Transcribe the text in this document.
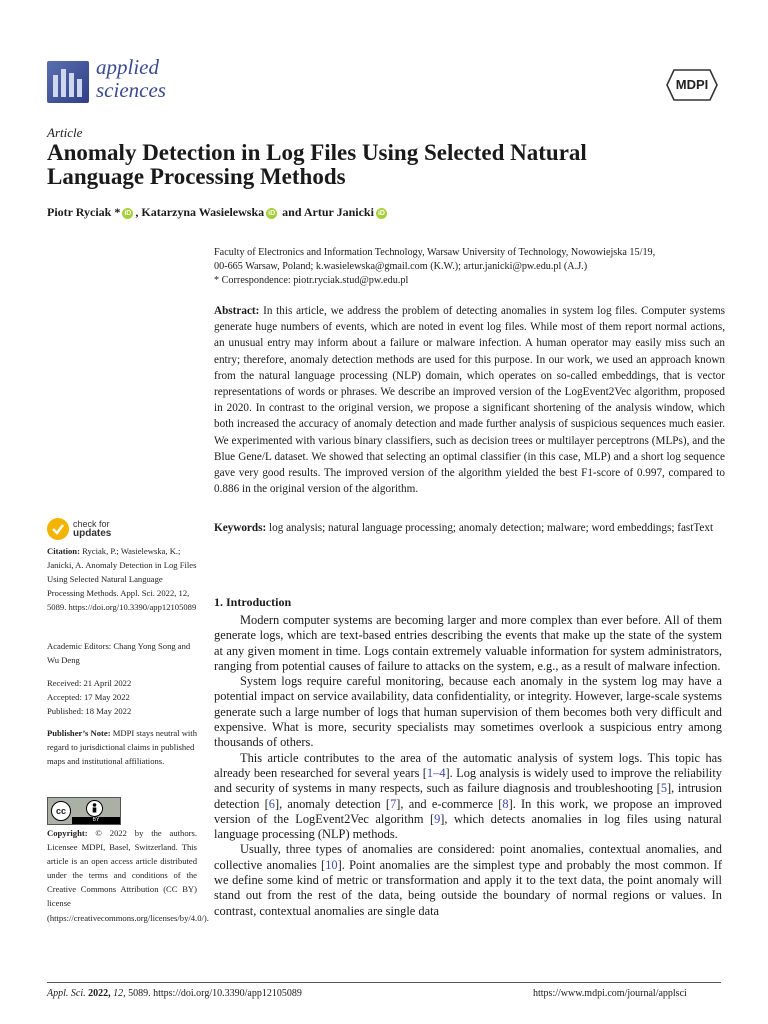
applied
sciences	MDPI
Article
Anomaly Detection in Log Files Using Selected Natural Language Processing Methods
Piotr Ryciak * iD , Katarzyna Wasielewska iD and Artur Janicki iD
Faculty of Electronics and Information Technology, Warsaw University of Technology, Nowowiejska 15/19,
00-665 Warsaw, Poland; k.wasielewska@gmail.com (K.W.); artur.janicki@pw.edu.pl (A.J.)
* Correspondence: piotr.ryciak.stud@pw.edu.pl
Abstract: In this article, we address the problem of detecting anomalies in system log files. Computer systems generate huge numbers of events, which are noted in event log files. While most of them report normal actions, an unusual entry may inform about a failure or malware infection. A human operator may easily miss such an entry; therefore, anomaly detection methods are used for this purpose. In our work, we used an approach known from the natural language processing (NLP) domain, which operates on so-called embeddings, that is vector representations of words or phrases. We describe an improved version of the LogEvent2Vec algorithm, proposed in 2020. In contrast to the original version, we propose a significant shortening of the analysis window, which both increased the accuracy of anomaly detection and made further analysis of suspicious sequences much easier. We experimented with various binary classifiers, such as decision trees or multilayer perceptrons (MLPs), and the Blue Gene/L dataset. We showed that selecting an optimal classifier (in this case, MLP) and a short log sequence gave very good results. The improved version of the algorithm yielded the best F1-score of 0.997, compared to 0.886 in the original version of the algorithm.
Keywords: log analysis; natural language processing; anomaly detection; malware; word embeddings; fastText
check for
updates
Citation: Ryciak, P.; Wasielewska, K.; Janicki, A. Anomaly Detection in Log Files Using Selected Natural Language Processing Methods. Appl. Sci. 2022, 12, 5089. https://doi.org/10.3390/app12105089
Academic Editors: Chang Yong Song and Wu Deng
Received: 21 April 2022
Accepted: 17 May 2022
Published: 18 May 2022
Publisher’s Note: MDPI stays neutral with regard to jurisdictional claims in published maps and institutional affiliations.
cc
BY
Copyright: © 2022 by the authors. Licensee MDPI, Basel, Switzerland. This article is an open access article distributed under the terms and conditions of the Creative Commons Attribution (CC BY) license (https://creativecommons.org/licenses/by/4.0/).
1. Introduction

Modern computer systems are becoming larger and more complex than ever before. All of them generate logs, which are text-based entries describing the events that make up the state of the system at any given moment in time. Logs contain extremely valuable information for system administrators, ranging from potential causes of failure to attacks on the system, e.g., as a result of malware infection.

System logs require careful monitoring, because each anomaly in the system log may have a potential impact on service availability, data confidentiality, or integrity. However, large-scale systems generate such a large number of logs that human supervision of them becomes both very difficult and expensive. What is more, security specialists may sometimes overlook a suspicious entry among thousands of others.

This article contributes to the area of the automatic analysis of system logs. This topic has already been researched for several years [1–4]. Log analysis is widely used to improve the reliability and security of systems in many respects, such as failure diagnosis and troubleshooting [5], intrusion detection [6], anomaly detection [7], and e-commerce [8]. In this work, we propose an improved version of the LogEvent2Vec algorithm [9], which detects anomalies in log files using natural language processing (NLP) methods.

Usually, three types of anomalies are considered: point anomalies, contextual anomalies, and collective anomalies [10]. Point anomalies are the simplest type and probably the most common. If we define some kind of metric or transformation and apply it to the text data, the point anomaly will stand out from the rest of the data, being outside the boundary of normal regions or values. In contrast, contextual anomalies are single data

Appl. Sci. 2022, 12, 5089. https://doi.org/10.3390/app12105089	https://www.mdpi.com/journal/applsci
